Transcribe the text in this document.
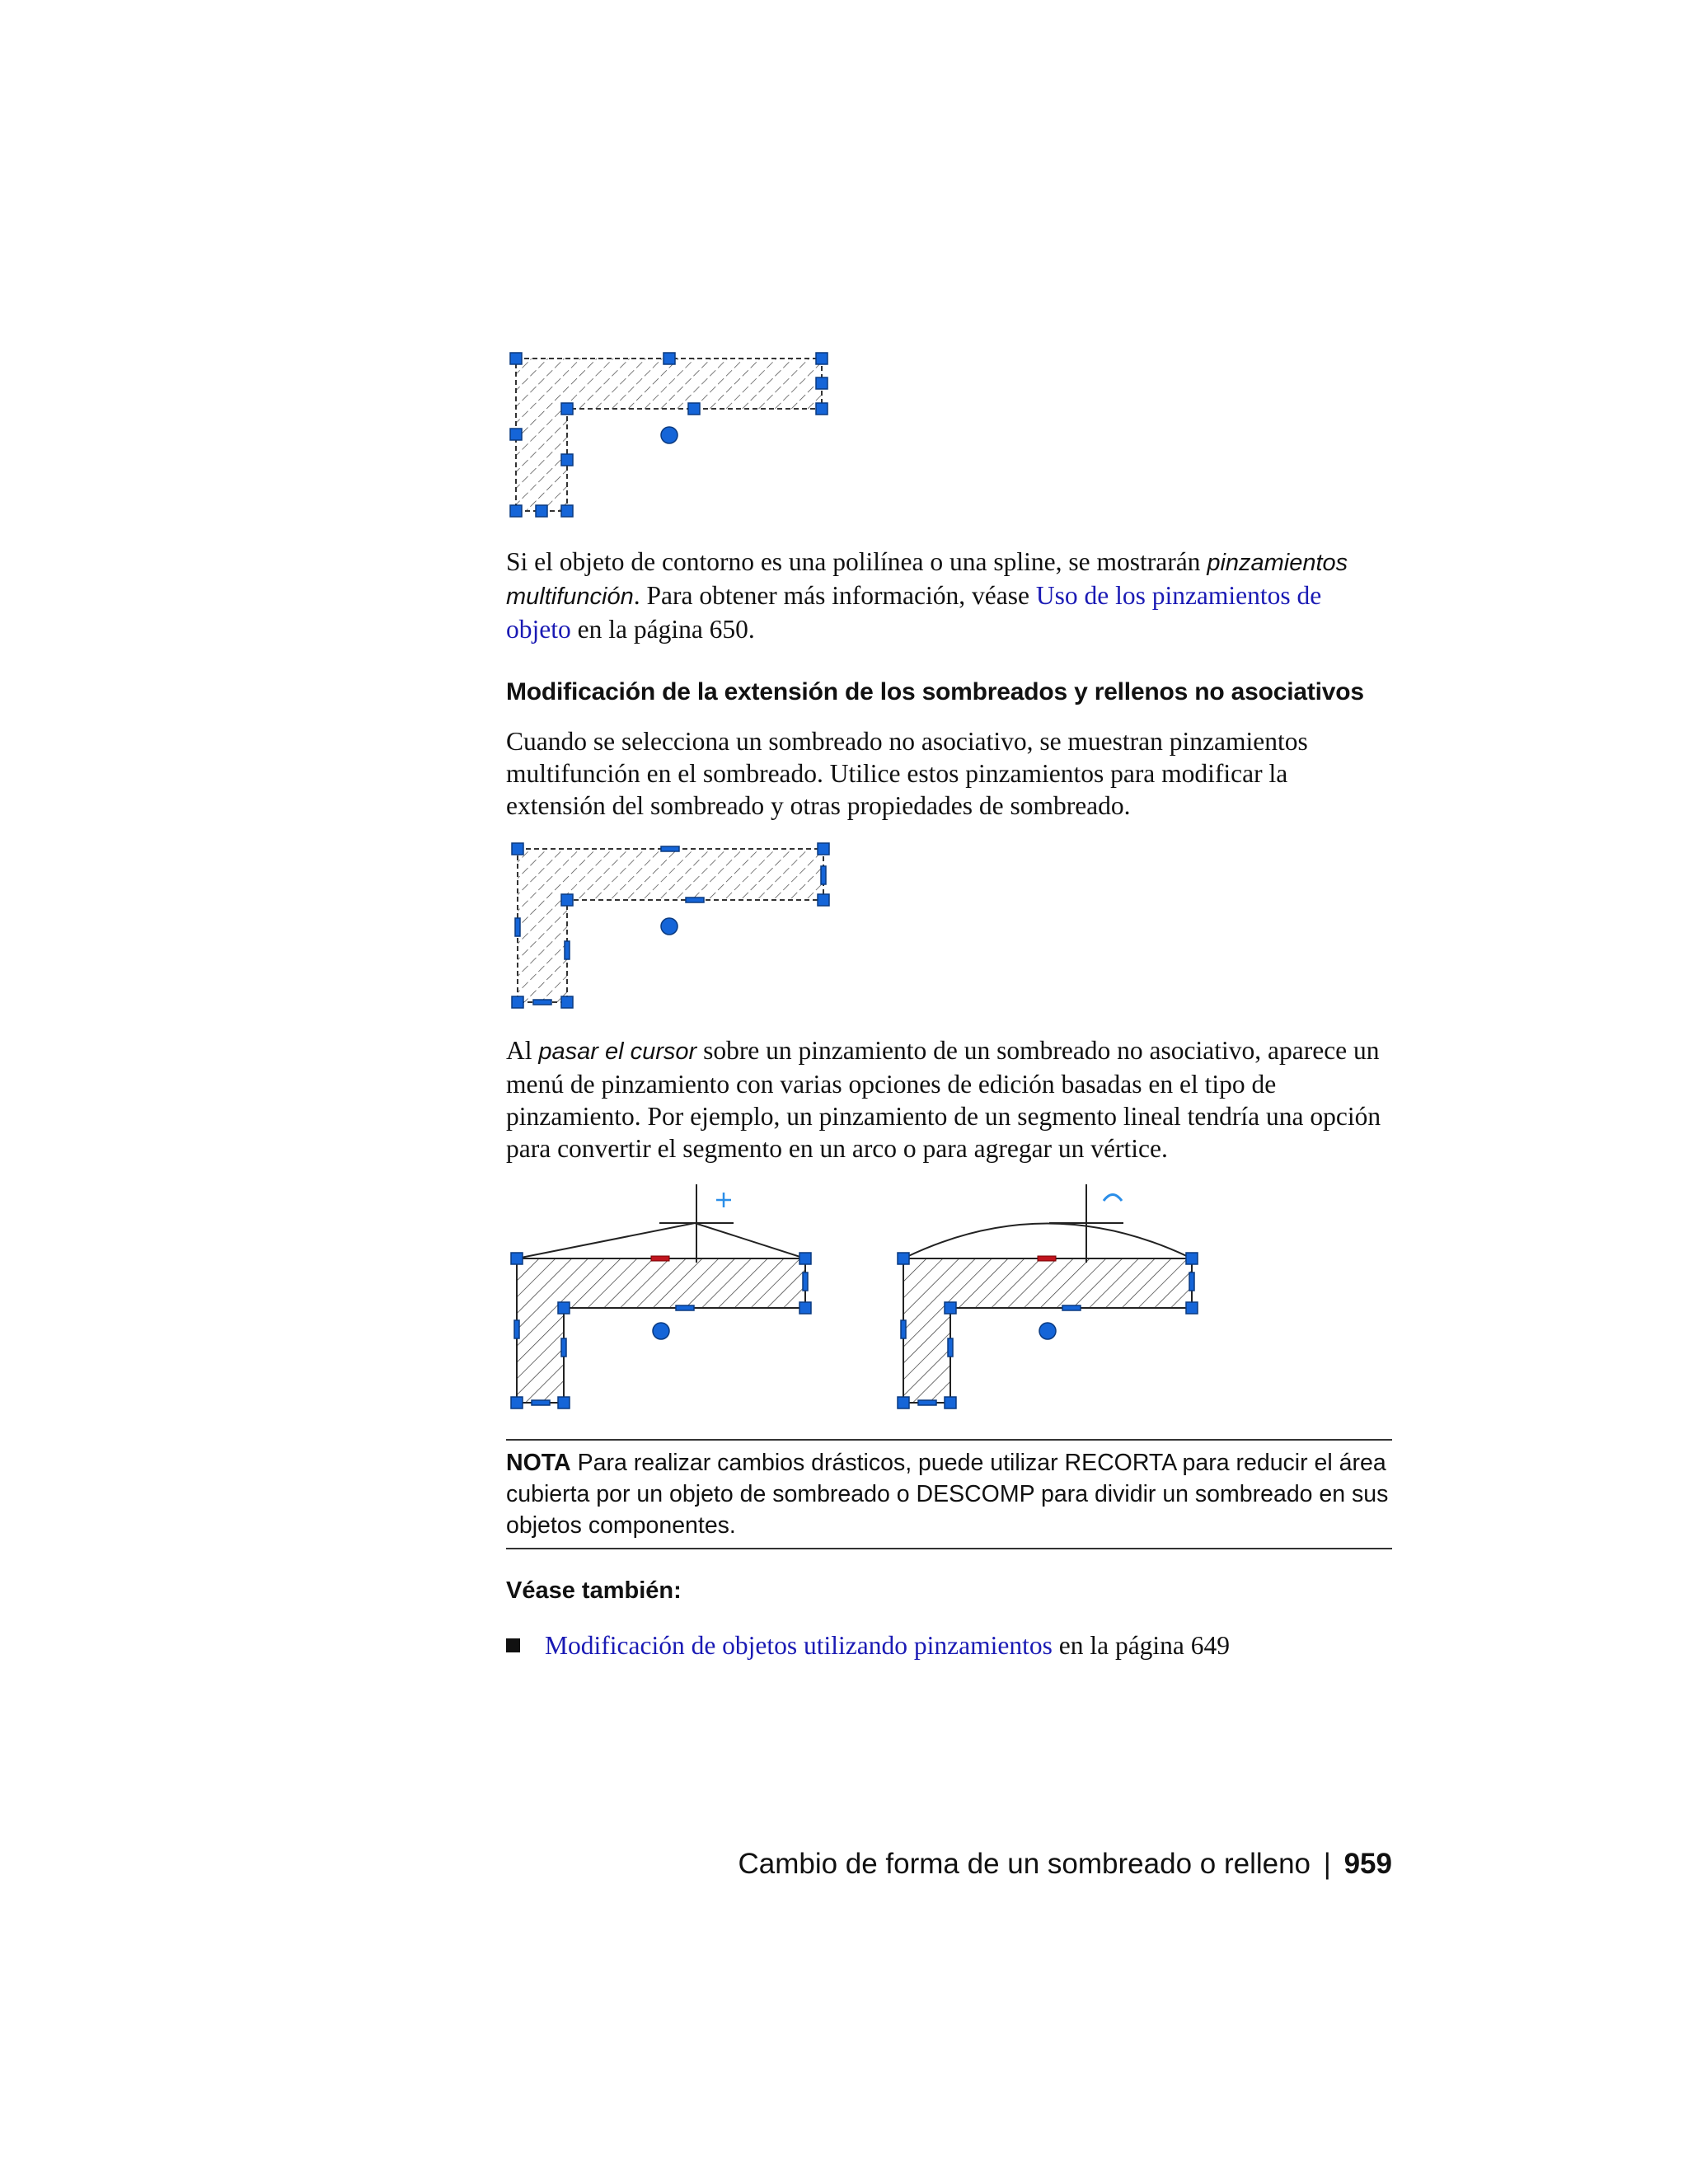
Si el objeto de contorno es una polilínea o una spline, se mostrarán pinzamientos multifunción. Para obtener más información, véase Uso de los pinzamientos de objeto en la página 650.

Modificación de la extensión de los sombreados y rellenos no asociativos

Cuando se selecciona un sombreado no asociativo, se muestran pinzamientos multifunción en el sombreado. Utilice estos pinzamientos para modificar la extensión del sombreado y otras propiedades de sombreado.

Al pasar el cursor sobre un pinzamiento de un sombreado no asociativo, aparece un menú de pinzamiento con varias opciones de edición basadas en el tipo de pinzamiento. Por ejemplo, un pinzamiento de un segmento lineal tendría una opción para convertir el segmento en un arco o para agregar un vértice.

NOTA Para realizar cambios drásticos, puede utilizar RECORTA para reducir el área cubierta por un objeto de sombreado o DESCOMP para dividir un sombreado en sus objetos componentes.
Véase también:
Modificación de objetos utilizando pinzamientos en la página 649
Cambio de forma de un sombreado o relleno | 959
